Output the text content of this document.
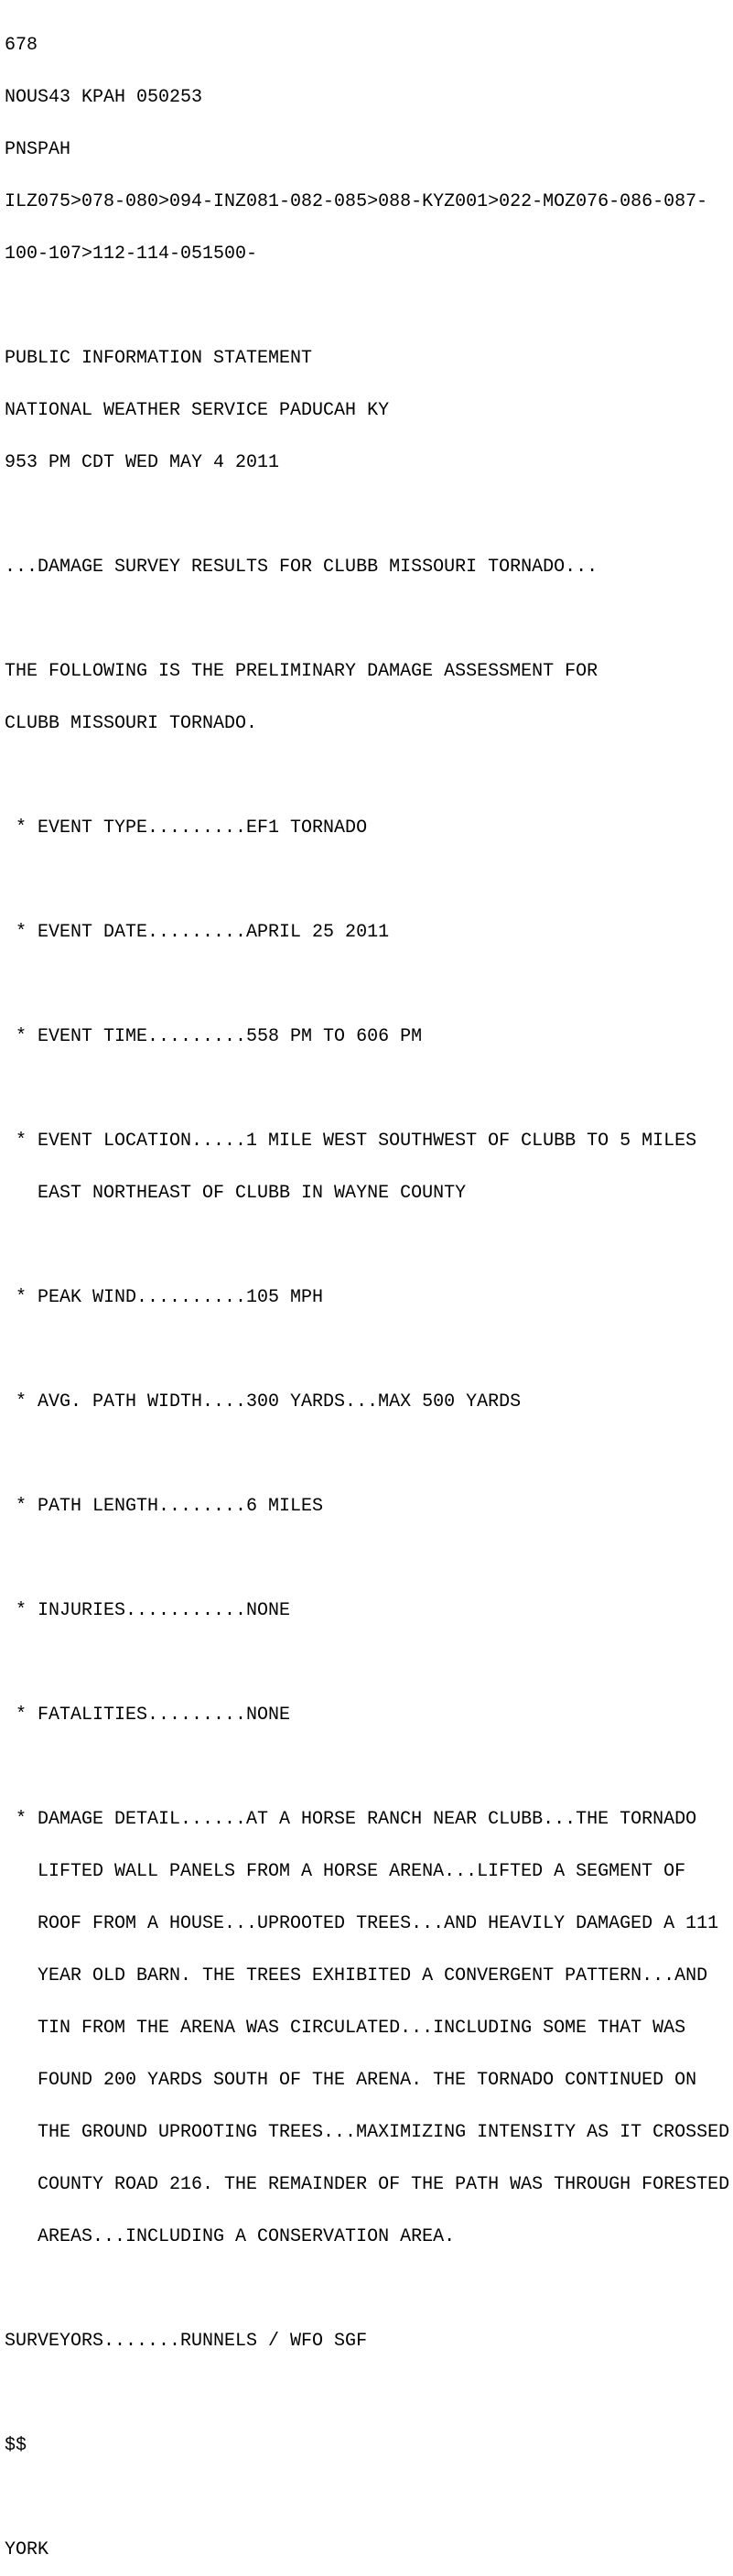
678

NOUS43 KPAH 050253

PNSPAH

ILZ075>078-080>094-INZ081-082-085>088-KYZ001>022-MOZ076-086-087-

100-107>112-114-051500-

PUBLIC INFORMATION STATEMENT

NATIONAL WEATHER SERVICE PADUCAH KY

953 PM CDT WED MAY 4 2011

...DAMAGE SURVEY RESULTS FOR CLUBB MISSOURI TORNADO...

THE FOLLOWING IS THE PRELIMINARY DAMAGE ASSESSMENT FOR

CLUBB MISSOURI TORNADO.

* EVENT TYPE.........EF1 TORNADO

* EVENT DATE.........APRIL 25 2011

* EVENT TIME.........558 PM TO 606 PM

* EVENT LOCATION.....1 MILE WEST SOUTHWEST OF CLUBB TO 5 MILES

EAST NORTHEAST OF CLUBB IN WAYNE COUNTY

* PEAK WIND..........105 MPH

* AVG. PATH WIDTH....300 YARDS...MAX 500 YARDS

* PATH LENGTH........6 MILES

* INJURIES...........NONE

* FATALITIES.........NONE

* DAMAGE DETAIL......AT A HORSE RANCH NEAR CLUBB...THE TORNADO

LIFTED WALL PANELS FROM A HORSE ARENA...LIFTED A SEGMENT OF

ROOF FROM A HOUSE...UPROOTED TREES...AND HEAVILY DAMAGED A 111

YEAR OLD BARN. THE TREES EXHIBITED A CONVERGENT PATTERN...AND

TIN FROM THE ARENA WAS CIRCULATED...INCLUDING SOME THAT WAS

FOUND 200 YARDS SOUTH OF THE ARENA. THE TORNADO CONTINUED ON

THE GROUND UPROOTING TREES...MAXIMIZING INTENSITY AS IT CROSSED

COUNTY ROAD 216. THE REMAINDER OF THE PATH WAS THROUGH FORESTED

AREAS...INCLUDING A CONSERVATION AREA.

SURVEYORS.......RUNNELS / WFO SGF

$$

YORK
